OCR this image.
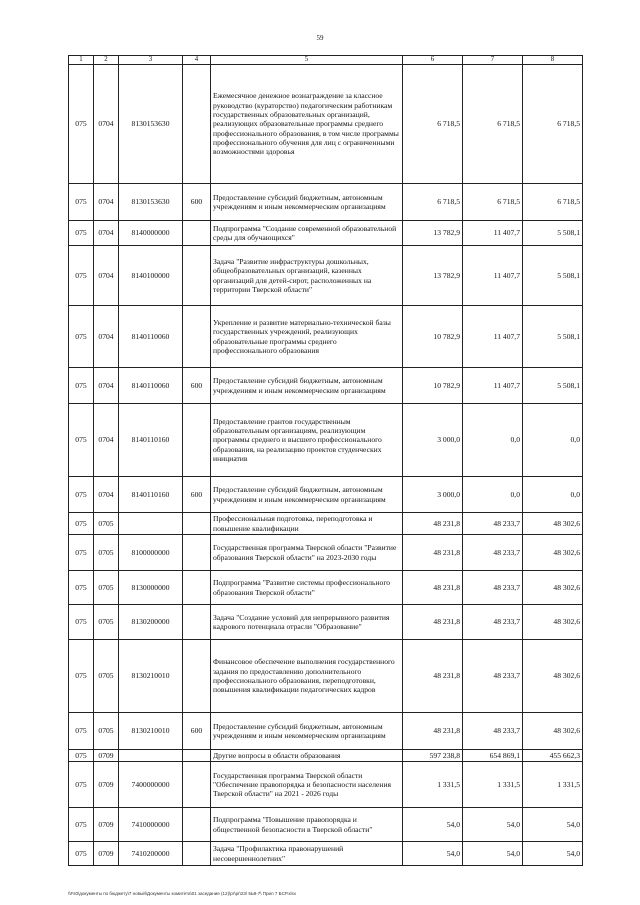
59
1	2	3	4	5	6	7	8
075	0704	8130153630		Ежемесячное денежное вознаграждение за классное руководство (кураторство) педагогическим работникам государственных образовательных организаций, реализующих образовательные программы среднего профессионального образования, в том числе программы профессионального обучения для лиц с ограниченными возможностями здоровья	6 718,5	6 718,5	6 718,5
075	0704	8130153630	600	Предоставление субсидий бюджетным, автономным учреждениям и иным некоммерческим организациям	6 718,5	6 718,5	6 718,5
075	0704	8140000000		Подпрограмма "Создание современной образовательной среды для обучающихся"	13 782,9	11 407,7	5 508,1
075	0704	8140100000		Задача "Развитие инфраструктуры дошкольных, общеобразовательных организаций, казенных организаций для детей-сирот, расположенных на территории Тверской области"	13 782,9	11 407,7	5 508,1
075	0704	8140110060		Укрепление и развитие материально-технической базы государственных учреждений, реализующих образовательные программы среднего профессионального образования	10 782,9	11 407,7	5 508,1
075	0704	8140110060	600	Предоставление субсидий бюджетным, автономным учреждениям и иным некоммерческим организациям	10 782,9	11 407,7	5 508,1
075	0704	8140110160		Предоставление грантов государственным образовательным организациям, реализующим программы среднего и высшего профессионального образования, на реализацию проектов студенческих инициатив	3 000,0	0,0	0,0
075	0704	8140110160	600	Предоставление субсидий бюджетным, автономным учреждениям и иным некоммерческим организациям	3 000,0	0,0	0,0
075	0705			Профессиональная подготовка, переподготовка и повышение квалификации	48 231,8	48 233,7	48 302,6
075	0705	8100000000		Государственная программа Тверской области "Развитие образования Тверской области" на 2023-2030 годы	48 231,8	48 233,7	48 302,6
075	0705	8130000000		Подпрограмма "Развитие системы профессионального образования Тверской области"	48 231,8	48 233,7	48 302,6
075	0705	8130200000		Задача "Создание условий для непрерывного развития кадрового потенциала отрасли "Образование"	48 231,8	48 233,7	48 302,6
075	0705	8130210010		Финансовое обеспечение выполнения государственного задания по предоставлению дополнительного профессионального образования, переподготовки, повышения квалификации педагогических кадров	48 231,8	48 233,7	48 302,6
075	0705	8130210010	600	Предоставление субсидий бюджетным, автономным учреждениям и иным некоммерческим организациям	48 231,8	48 233,7	48 302,6
075	0709			Другие вопросы в области образования	597 238,8	654 869,1	455 662,3
075	0709	7400000000		Государственная программа Тверской области "Обеспечение правопорядка и безопасности населения Тверской области" на 2021 - 2026 годы	1 331,5	1 331,5	1 331,5
075	0709	7410000000		Подпрограмма "Повышение правопорядка и общественной безопасности в Тверской области"	54,0	54,0	54,0
075	0709	7410200000		Задача "Профилактика правонарушений несовершеннолетних"	54,0	54,0	54,0
\\Fs0\документы по бюджету\7 новый\Документы комитета\01 заседание (12)\pr\pr\23\ 5Ь9-7\ Прил 7 БСР.xlsx
